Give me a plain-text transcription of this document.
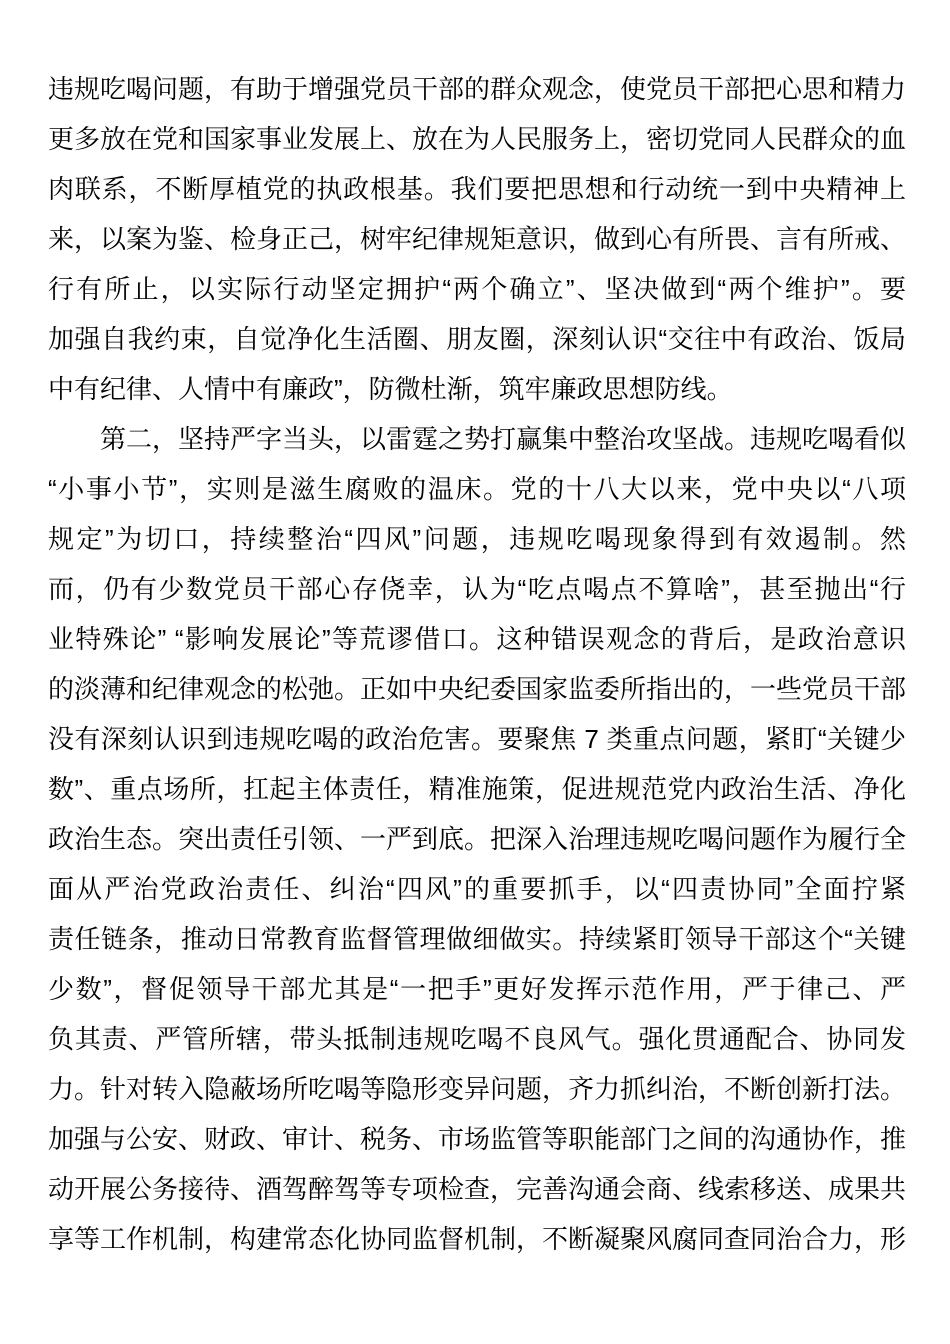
违规吃喝问题，有助于增强党员干部的群众观念，使党员干部把心思和精力
更多放在党和国家事业发展上、放在为人民服务上，密切党同人民群众的血
肉联系，不断厚植党的执政根基。我们要把思想和行动统一到中央精神上
来，以案为鉴、检身正己，树牢纪律规矩意识，做到心有所畏、言有所戒、
行有所止，以实际行动坚定拥护“两个确立”、坚决做到“两个维护”。要
加强自我约束，自觉净化生活圈、朋友圈，深刻认识“交往中有政治、饭局
中有纪律、人情中有廉政”，防微杜渐，筑牢廉政思想防线。
第二，坚持严字当头，以雷霆之势打赢集中整治攻坚战。违规吃喝看似
“小事小节”，实则是滋生腐败的温床。党的十八大以来，党中央以“八项
规定”为切口，持续整治“四风”问题，违规吃喝现象得到有效遏制。然
而，仍有少数党员干部心存侥幸，认为“吃点喝点不算啥”，甚至抛出“行
业特殊论” “影响发展论”等荒谬借口。这种错误观念的背后，是政治意识
的淡薄和纪律观念的松弛。正如中央纪委国家监委所指出的，一些党员干部
没有深刻认识到违规吃喝的政治危害。要聚焦 7 类重点问题，紧盯“关键少
数”、重点场所，扛起主体责任，精准施策，促进规范党内政治生活、净化
政治生态。突出责任引领、一严到底。把深入治理违规吃喝问题作为履行全
面从严治党政治责任、纠治“四风”的重要抓手，以“四责协同”全面拧紧
责任链条，推动日常教育监督管理做细做实。持续紧盯领导干部这个“关键
少数”，督促领导干部尤其是“一把手”更好发挥示范作用，严于律己、严
负其责、严管所辖，带头抵制违规吃喝不良风气。强化贯通配合、协同发
力。针对转入隐蔽场所吃喝等隐形变异问题，齐力抓纠治，不断创新打法。
加强与公安、财政、审计、税务、市场监管等职能部门之间的沟通协作，推
动开展公务接待、酒驾醉驾等专项检查，完善沟通会商、线索移送、成果共
享等工作机制，构建常态化协同监督机制，不断凝聚风腐同查同治合力，形
